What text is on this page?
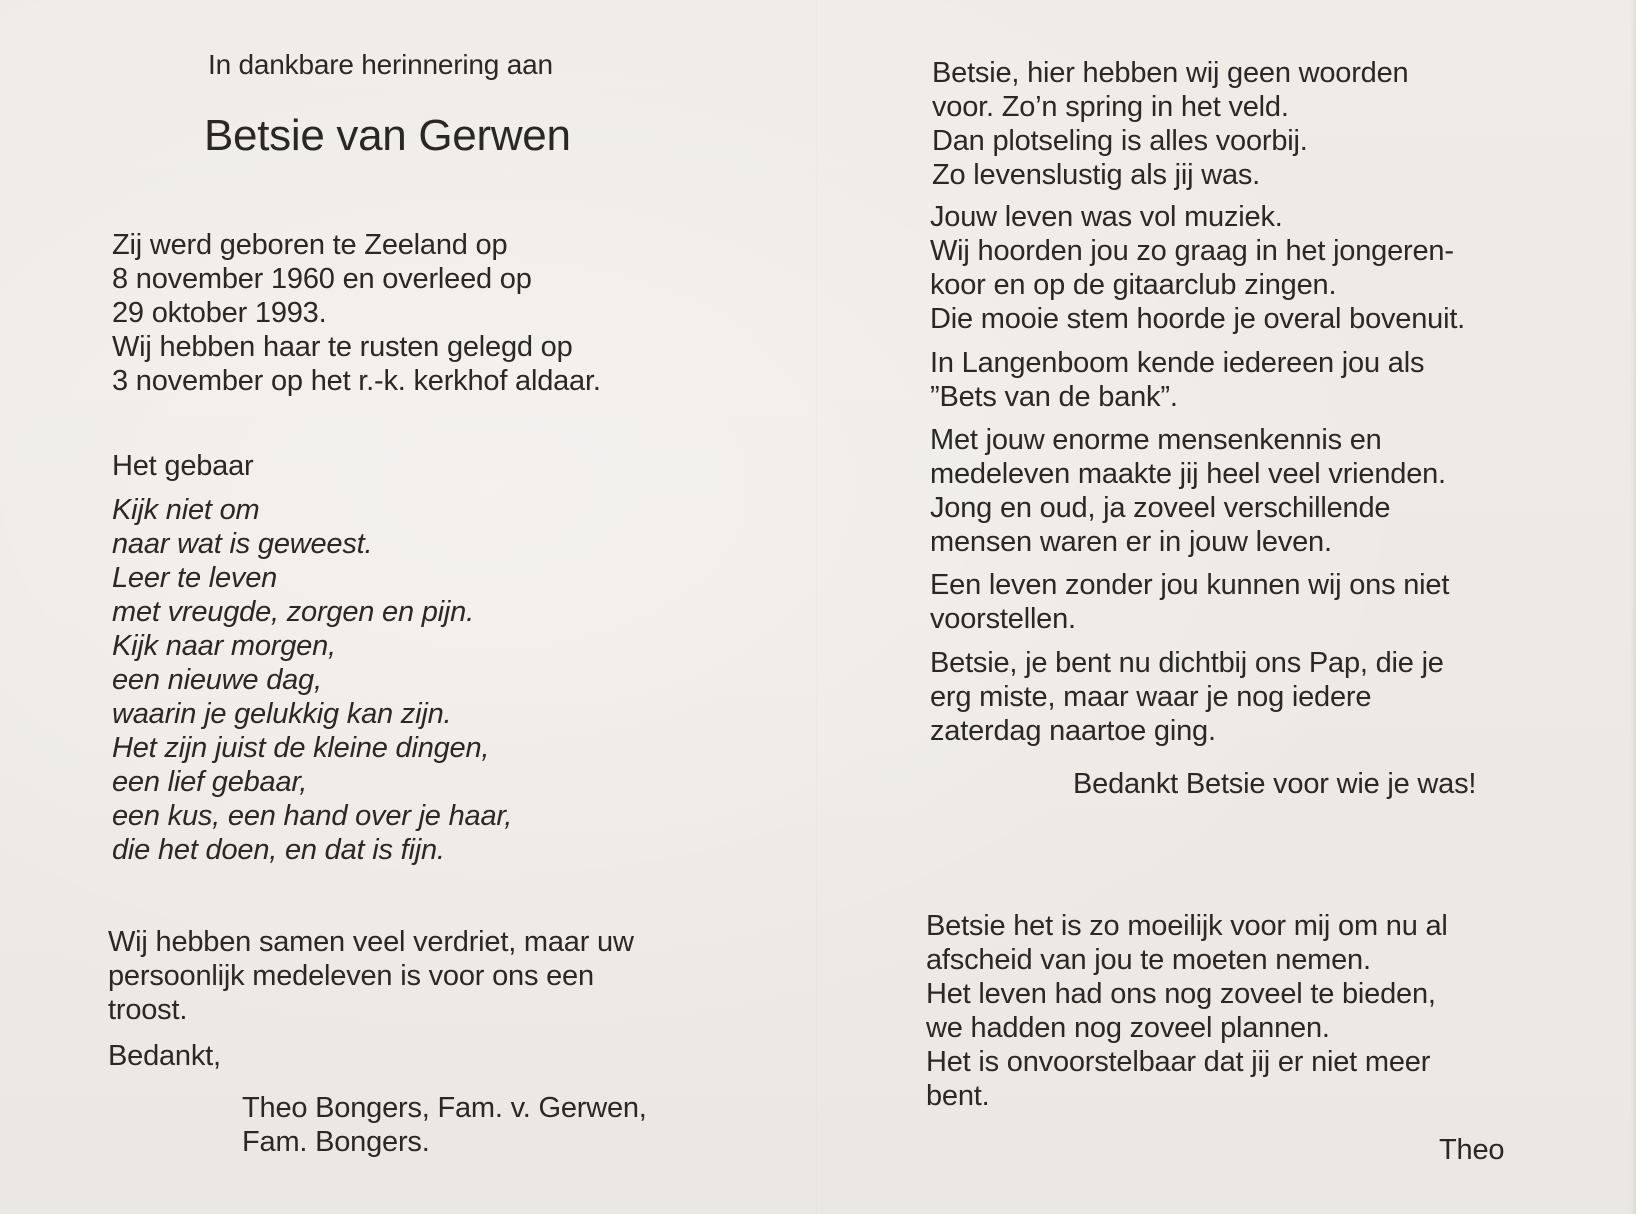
In dankbare herinnering aan
Betsie van Gerwen
Zij werd geboren te Zeeland op
8 november 1960 en overleed op
29 oktober 1993.
Wij hebben haar te rusten gelegd op
3 november op het r.-k. kerkhof aldaar.
Het gebaar
Kijk niet om
naar wat is geweest.
Leer te leven
met vreugde, zorgen en pijn.
Kijk naar morgen,
een nieuwe dag,
waarin je gelukkig kan zijn.
Het zijn juist de kleine dingen,
een lief gebaar,
een kus, een hand over je haar,
die het doen, en dat is fijn.
Wij hebben samen veel verdriet, maar uw
persoonlijk medeleven is voor ons een
troost.
Bedankt,
Theo Bongers, Fam. v. Gerwen,
Fam. Bongers.
Betsie, hier hebben wij geen woorden
voor. Zo’n spring in het veld.
Dan plotseling is alles voorbij.
Zo levenslustig als jij was.
Jouw leven was vol muziek.
Wij hoorden jou zo graag in het jongeren-
koor en op de gitaarclub zingen.
Die mooie stem hoorde je overal bovenuit.
In Langenboom kende iedereen jou als
”Bets van de bank”.
Met jouw enorme mensenkennis en
medeleven maakte jij heel veel vrienden.
Jong en oud, ja zoveel verschillende
mensen waren er in jouw leven.
Een leven zonder jou kunnen wij ons niet
voorstellen.
Betsie, je bent nu dichtbij ons Pap, die je
erg miste, maar waar je nog iedere
zaterdag naartoe ging.
Bedankt Betsie voor wie je was!
Betsie het is zo moeilijk voor mij om nu al
afscheid van jou te moeten nemen.
Het leven had ons nog zoveel te bieden,
we hadden nog zoveel plannen.
Het is onvoorstelbaar dat jij er niet meer
bent.
Theo
